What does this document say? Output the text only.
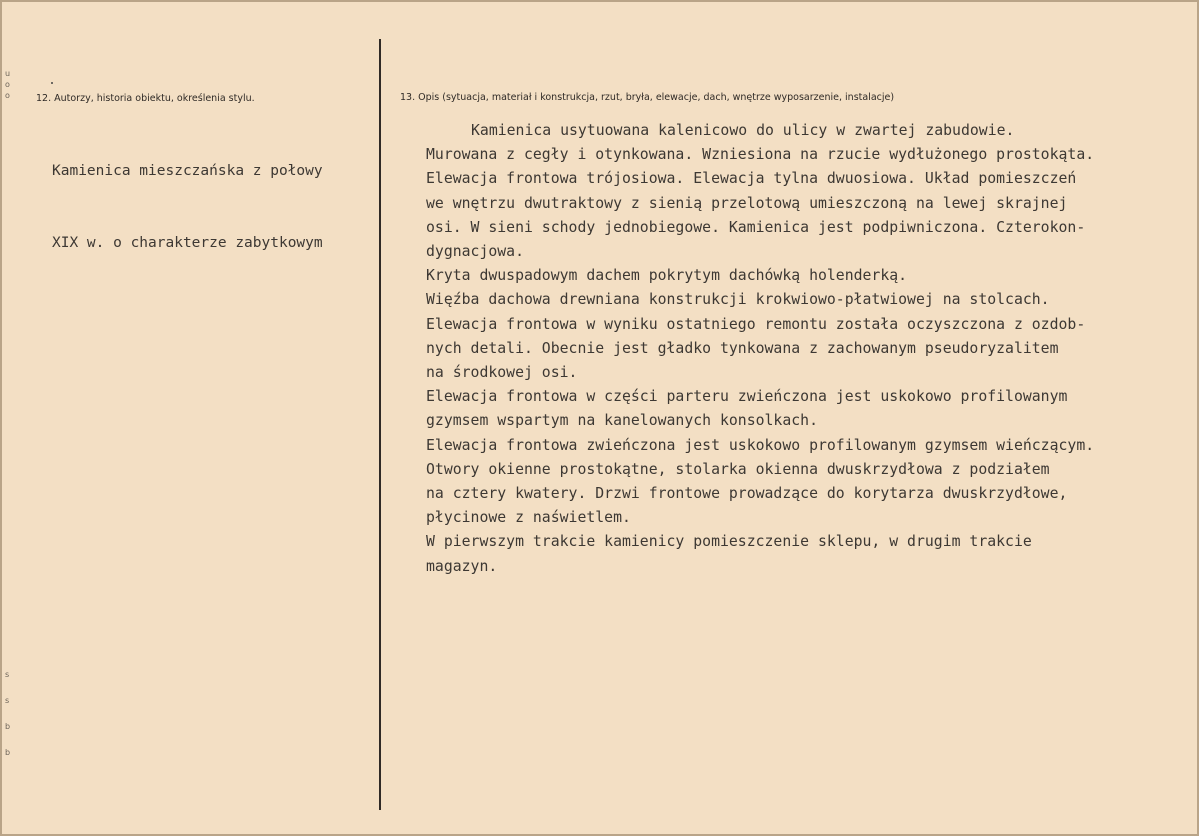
u
o
o
s
s
b
b
12. Autorzy, historia obiektu, określenia stylu.

Kamienica mieszczańska z połowy

XIX w. o charakterze zabytkowym

13. Opis (sytuacja, materiał i konstrukcja, rzut, bryła, elewacje, dach, wnętrze wyposarzenie, instalacje)
Kamienica usytuowana kalenicowo do ulicy w zwartej zabudowie.
Murowana z cegły i otynkowana. Wzniesiona na rzucie wydłużonego prostokąta.
Elewacja frontowa trójosiowa. Elewacja tylna dwuosiowa. Układ pomieszczeń
we wnętrzu dwutraktowy z sienią przelotową umieszczoną na lewej skrajnej
osi. W sieni schody jednobiegowe. Kamienica jest podpiwniczona. Czterokon-
dygnacjowa.
Kryta dwuspadowym dachem pokrytym dachówką holenderką.
Więźba dachowa drewniana konstrukcji krokwiowo-płatwiowej na stolcach.
Elewacja frontowa w wyniku ostatniego remontu została oczyszczona z ozdob-
nych detali. Obecnie jest gładko tynkowana z zachowanym pseudoryzalitem
na środkowej osi.
Elewacja frontowa w części parteru zwieńczona jest uskokowo profilowanym
gzymsem wspartym na kanelowanych konsolkach.
Elewacja frontowa zwieńczona jest uskokowo profilowanym gzymsem wieńczącym.
Otwory okienne prostokątne, stolarka okienna dwuskrzydłowa z podziałem
na cztery kwatery. Drzwi frontowe prowadzące do korytarza dwuskrzydłowe,
płycinowe z naświetlem.
W pierwszym trakcie kamienicy pomieszczenie sklepu, w drugim trakcie
magazyn.
